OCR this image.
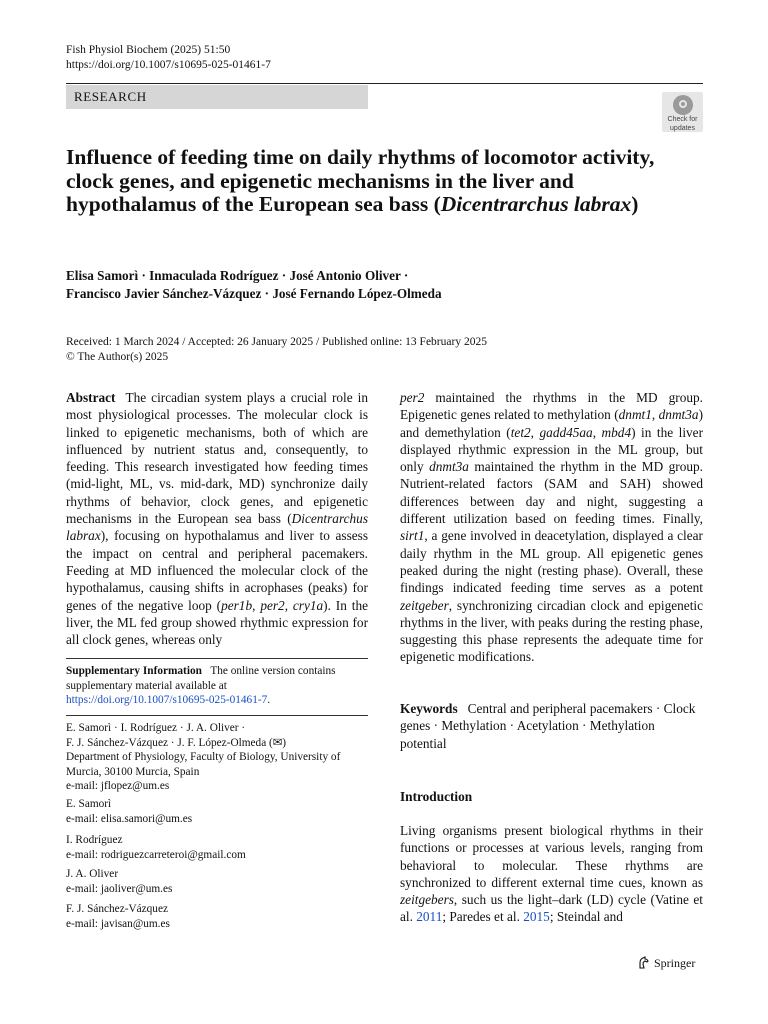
Fish Physiol Biochem (2025) 51:50
https://doi.org/10.1007/s10695-025-01461-7
RESEARCH
Check for
updates
Influence of feeding time on daily rhythms of locomotor activity, clock genes, and epigenetic mechanisms in the liver and hypothalamus of the European sea bass (Dicentrarchus labrax)
Elisa Samorì · Inmaculada Rodríguez · José Antonio Oliver ·
Francisco Javier Sánchez-Vázquez · José Fernando López-Olmeda
Received: 1 March 2024 / Accepted: 26 January 2025 / Published online: 13 February 2025
© The Author(s) 2025
Abstract The circadian system plays a crucial role in most physiological processes. The molecular clock is linked to epigenetic mechanisms, both of which are influenced by nutrient status and, consequently, to feeding. This research investigated how feeding times (mid-light, ML, vs. mid-dark, MD) synchronize daily rhythms of behavior, clock genes, and epigenetic mechanisms in the European sea bass (Dicentrarchus labrax), focusing on hypothalamus and liver to assess the impact on central and peripheral pacemakers. Feeding at MD influenced the molecular clock of the hypothalamus, causing shifts in acrophases (peaks) for genes of the negative loop (per1b, per2, cry1a). In the liver, the ML fed group showed rhythmic expression for all clock genes, whereas only
per2 maintained the rhythms in the MD group. Epigenetic genes related to methylation (dnmt1, dnmt3a) and demethylation (tet2, gadd45aa, mbd4) in the liver displayed rhythmic expression in the ML group, but only dnmt3a maintained the rhythm in the MD group. Nutrient-related factors (SAM and SAH) showed differences between day and night, suggesting a different utilization based on feeding times. Finally, sirt1, a gene involved in deacetylation, displayed a clear daily rhythm in the ML group. All epigenetic genes peaked during the night (resting phase). Overall, these findings indicated feeding time serves as a potent zeitgeber, synchronizing circadian clock and epigenetic rhythms in the liver, with peaks during the resting phase, suggesting this phase represents the adequate time for epigenetic modifications.
Supplementary Information The online version contains supplementary material available at https://doi.org/10.1007/s10695-025-01461-7.
E. Samorì · I. Rodríguez · J. A. Oliver ·
F. J. Sánchez-Vázquez · J. F. López-Olmeda (✉)
Department of Physiology, Faculty of Biology, University of Murcia, 30100 Murcia, Spain
e-mail: jflopez@um.es
E. Samorì
e-mail: elisa.samori@um.es
I. Rodríguez
e-mail: rodriguezcarreteroi@gmail.com
J. A. Oliver
e-mail: jaoliver@um.es
F. J. Sánchez-Vázquez
e-mail: javisan@um.es
Keywords Central and peripheral pacemakers · Clock genes · Methylation · Acetylation · Methylation potential
Introduction
Living organisms present biological rhythms in their functions or processes at various levels, ranging from behavioral to molecular. These rhythms are synchronized to different external time cues, known as zeitgebers, such us the light–dark (LD) cycle (Vatine et al. 2011; Paredes et al. 2015; Steindal and
Springer
